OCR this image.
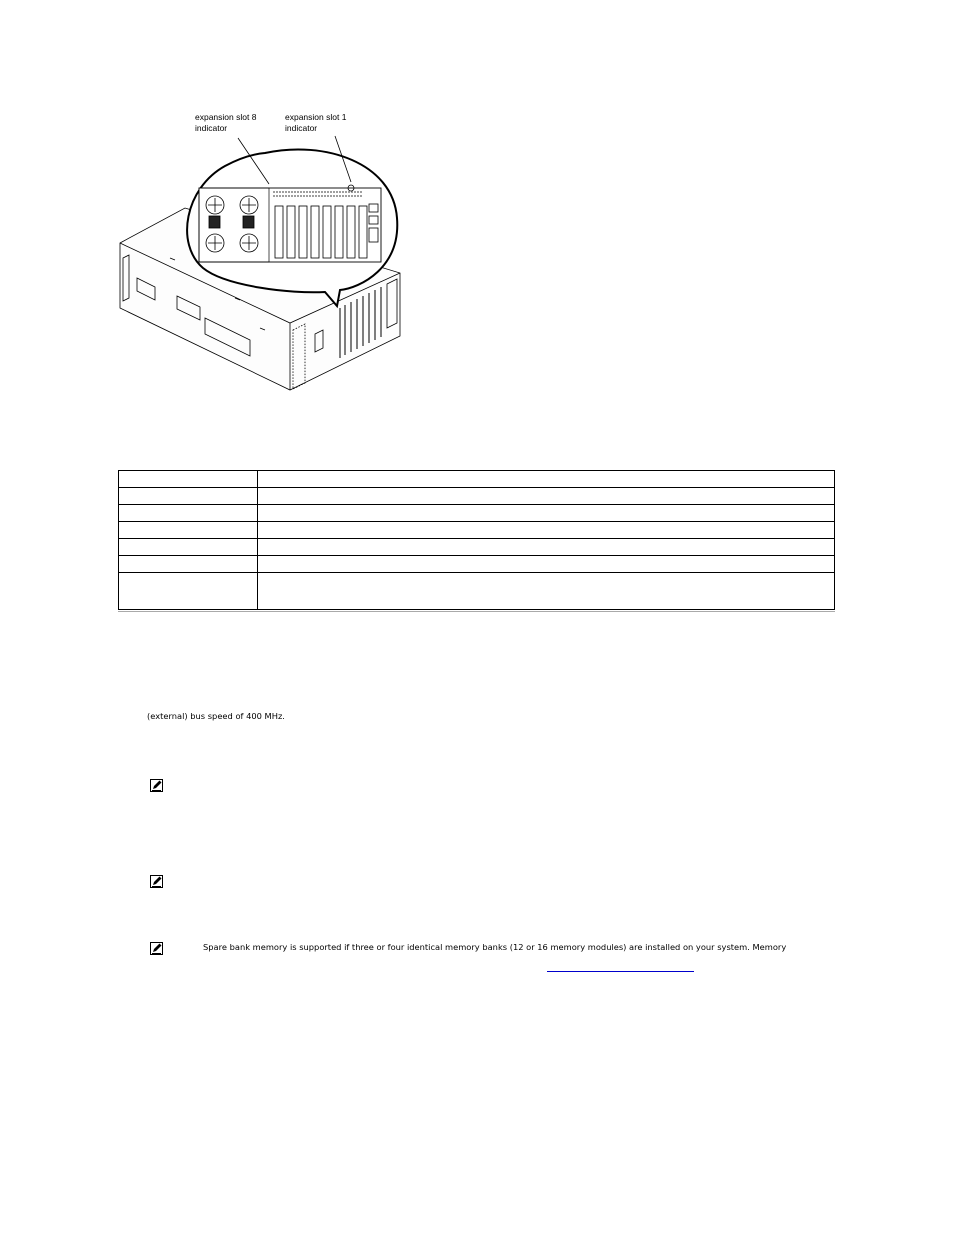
expansion slot 8
indicator
expansion slot 1
indicator

(external) bus speed of 400 MHz.
Spare bank memory is supported if three or four identical memory banks (12 or 16 memory modules) are installed on your system. Memory
